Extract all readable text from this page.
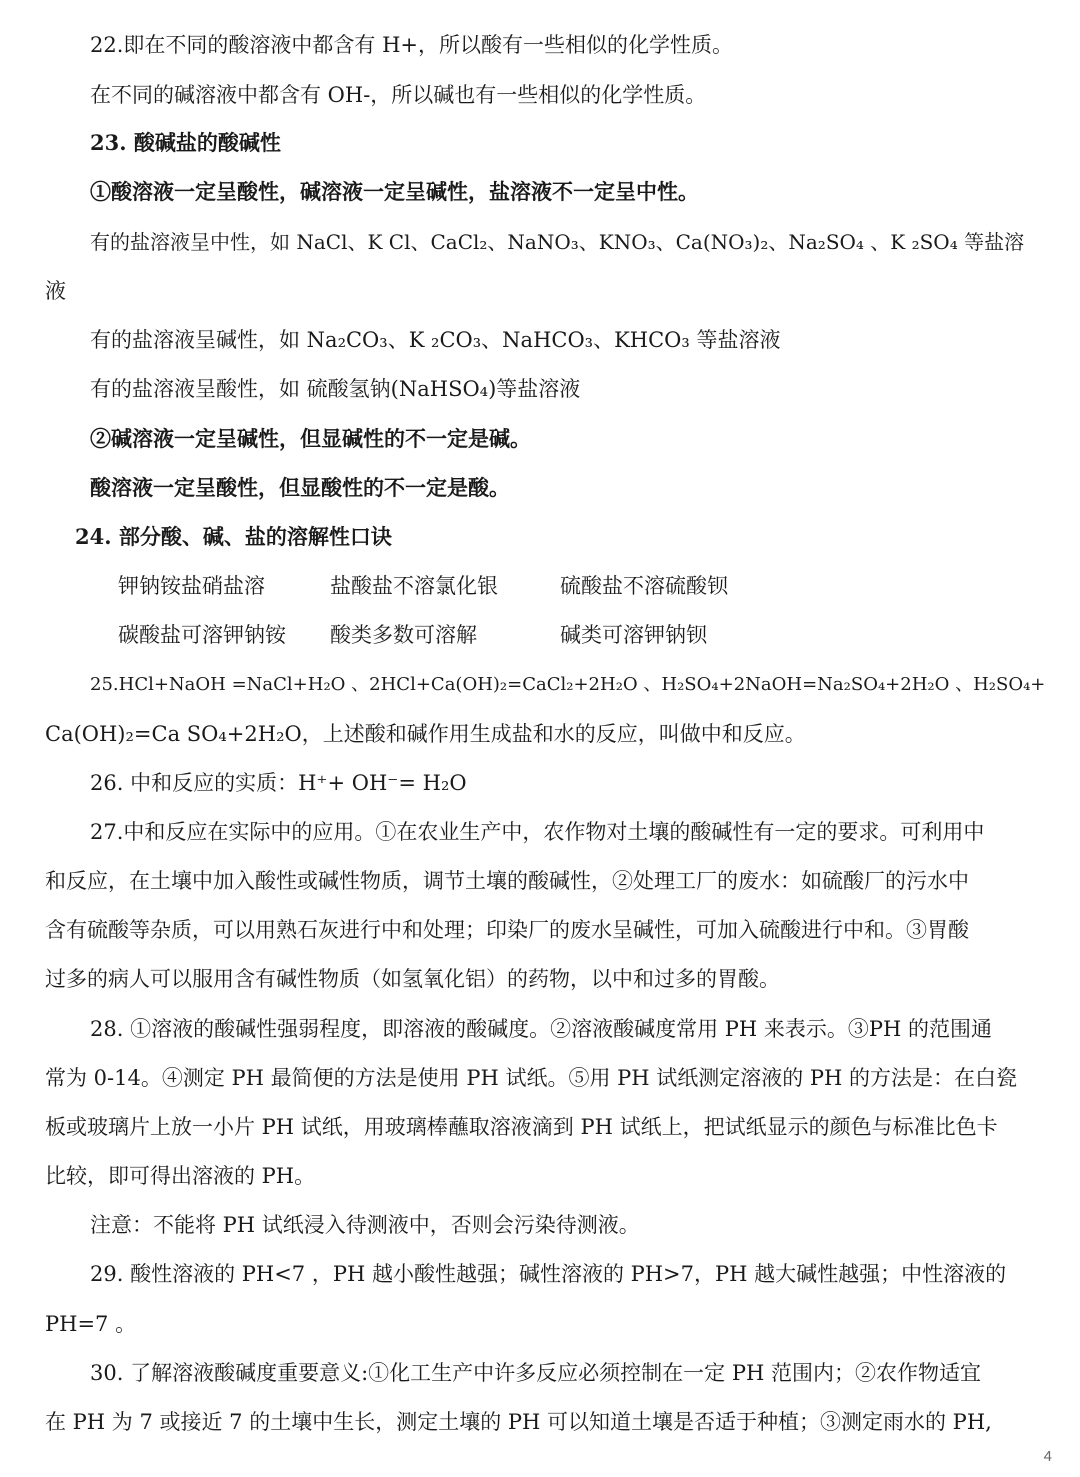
22.即在不同的酸溶液中都含有 H+，所以酸有一些相似的化学性质。

在不同的碱溶液中都含有 OH-，所以碱也有一些相似的化学性质。

23. 酸碱盐的酸碱性

①酸溶液一定呈酸性，碱溶液一定呈碱性，盐溶液不一定呈中性。

有的盐溶液呈中性，如 NaCl、K Cl、CaCl₂、NaNO₃、KNO₃、Ca(NO₃)₂、Na₂SO₄ 、K ₂SO₄ 等盐溶

液

有的盐溶液呈碱性，如 Na₂CO₃、K ₂CO₃、NaHCO₃、KHCO₃ 等盐溶液

有的盐溶液呈酸性，如 硫酸氢钠(NaHSO₄)等盐溶液

②碱溶液一定呈碱性，但显碱性的不一定是碱。

酸溶液一定呈酸性，但显酸性的不一定是酸。

24. 部分酸、碱、盐的溶解性口诀

钾钠铵盐硝盐溶	盐酸盐不溶氯化银	硫酸盐不溶硫酸钡

碳酸盐可溶钾钠铵 酸类多数可溶解	碱类可溶钾钠钡

25.HCl+NaOH =NaCl+H₂O 、2HCl+Ca(OH)₂=CaCl₂+2H₂O 、H₂SO₄+2NaOH=Na₂SO₄+2H₂O 、H₂SO₄+

Ca(OH)₂=Ca SO₄+2H₂O，上述酸和碱作用生成盐和水的反应，叫做中和反应。

26. 中和反应的实质：H⁺+ OH⁻= H₂O

27.中和反应在实际中的应用。①在农业生产中，农作物对土壤的酸碱性有一定的要求。可利用中

和反应，在土壤中加入酸性或碱性物质，调节土壤的酸碱性，②处理工厂的废水：如硫酸厂的污水中

含有硫酸等杂质，可以用熟石灰进行中和处理；印染厂的废水呈碱性，可加入硫酸进行中和。③胃酸

过多的病人可以服用含有碱性物质（如氢氧化铝）的药物，以中和过多的胃酸。

28. ①溶液的酸碱性强弱程度，即溶液的酸碱度。②溶液酸碱度常用 PH 来表示。③PH 的范围通

常为 0-14。④测定 PH 最简便的方法是使用 PH 试纸。⑤用 PH 试纸测定溶液的 PH 的方法是：在白瓷

板或玻璃片上放一小片 PH 试纸，用玻璃棒蘸取溶液滴到 PH 试纸上，把试纸显示的颜色与标准比色卡

比较，即可得出溶液的 PH。

注意：不能将 PH 试纸浸入待测液中，否则会污染待测液。

29. 酸性溶液的 PH<7 ，PH 越小酸性越强；碱性溶液的 PH>7，PH 越大碱性越强；中性溶液的

PH=7 。

30. 了解溶液酸碱度重要意义:①化工生产中许多反应必须控制在一定 PH 范围内；②农作物适宜

在 PH 为 7 或接近 7 的土壤中生长，测定土壤的 PH 可以知道土壤是否适于种植；③测定雨水的 PH,

4
